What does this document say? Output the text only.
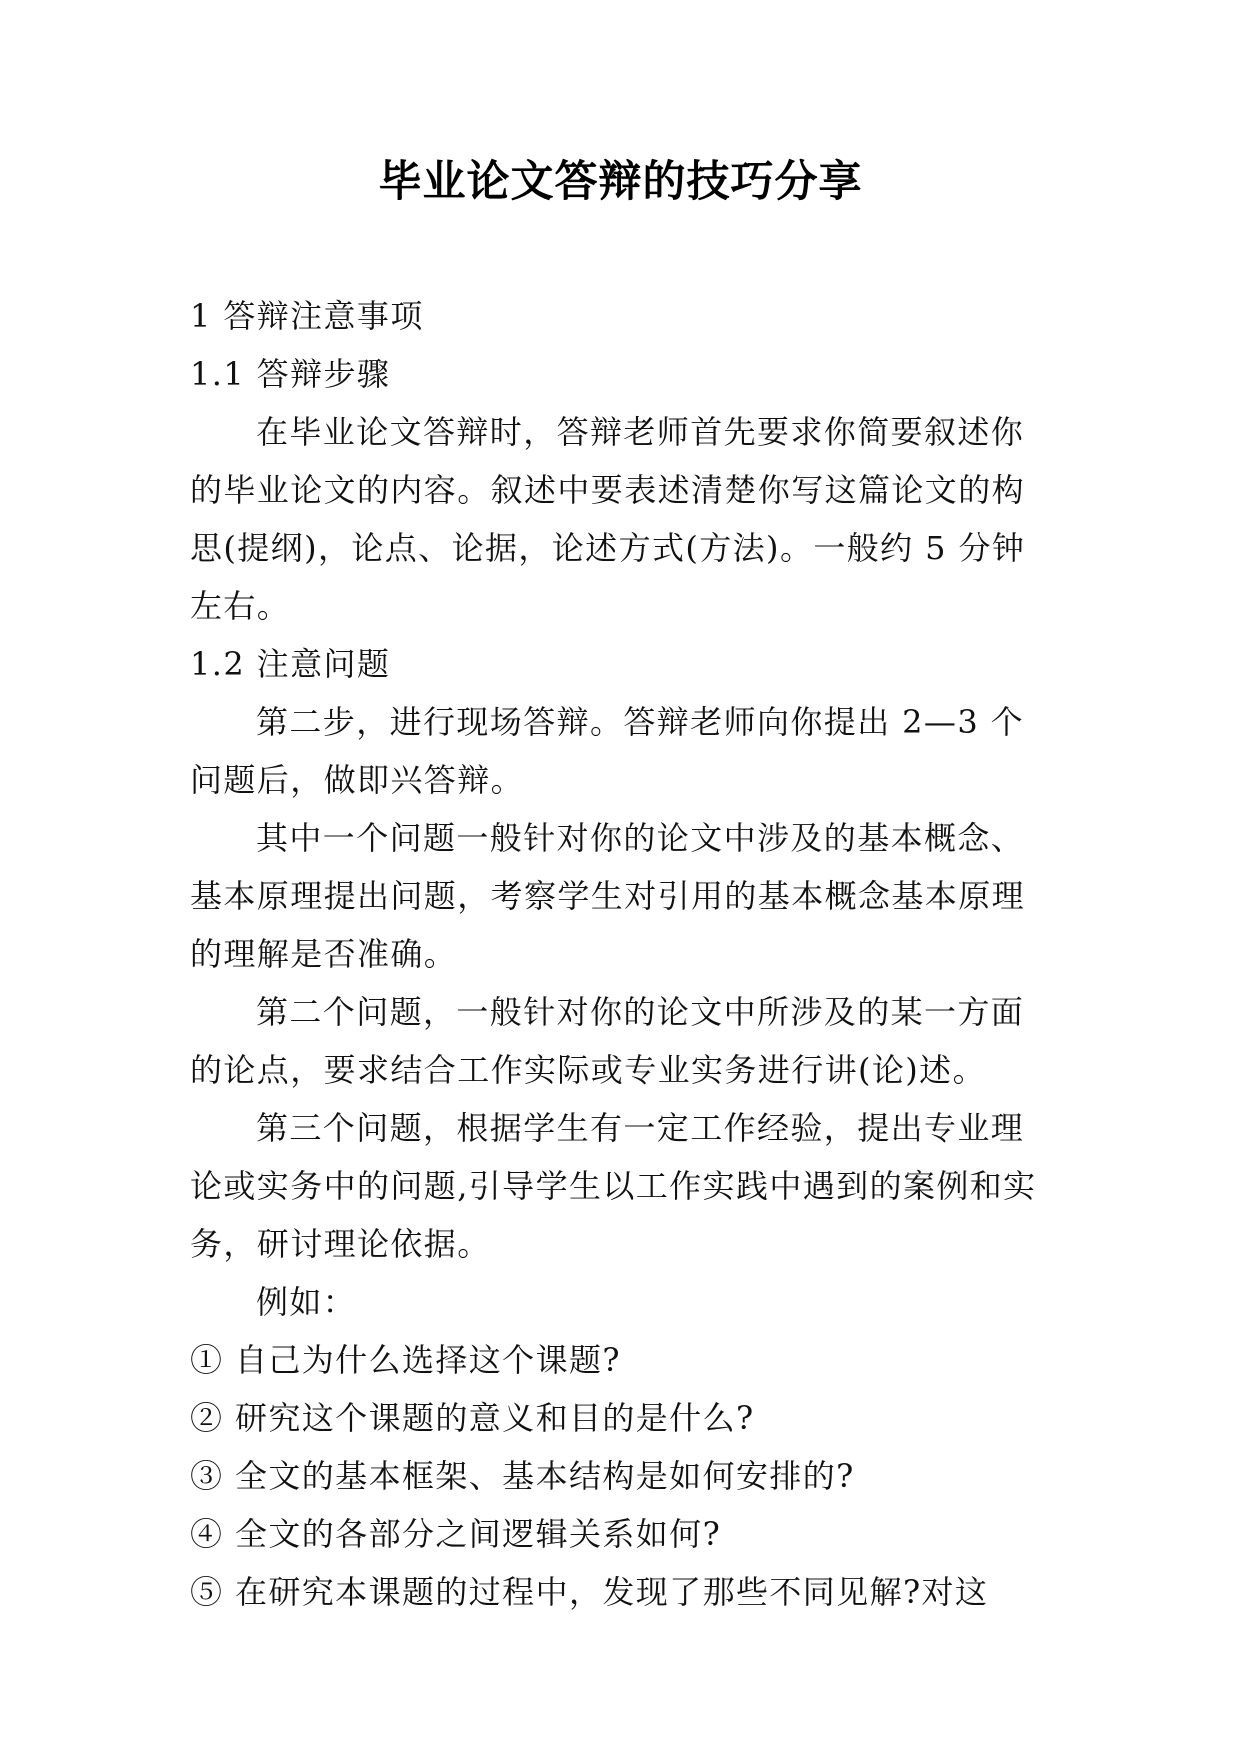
毕业论文答辩的技巧分享

1 答辩注意事项

1.1 答辩步骤

在毕业论文答辩时，答辩老师首先要求你简要叙述你的毕业论文的内容。叙述中要表述清楚你写这篇论文的构思(提纲)，论点、论据，论述方式(方法)。一般约 5 分钟左右。

1.2 注意问题

第二步，进行现场答辩。答辩老师向你提出 2—3 个问题后，做即兴答辩。

其中一个问题一般针对你的论文中涉及的基本概念、基本原理提出问题，考察学生对引用的基本概念基本原理的理解是否准确。

第二个问题，一般针对你的论文中所涉及的某一方面的论点，要求结合工作实际或专业实务进行讲(论)述。

第三个问题，根据学生有一定工作经验，提出专业理论或实务中的问题,引导学生以工作实践中遇到的案例和实务，研讨理论依据。

例如：

① 自己为什么选择这个课题?

② 研究这个课题的意义和目的是什么?

③ 全文的基本框架、基本结构是如何安排的?

④ 全文的各部分之间逻辑关系如何?

⑤ 在研究本课题的过程中，发现了那些不同见解?对这
